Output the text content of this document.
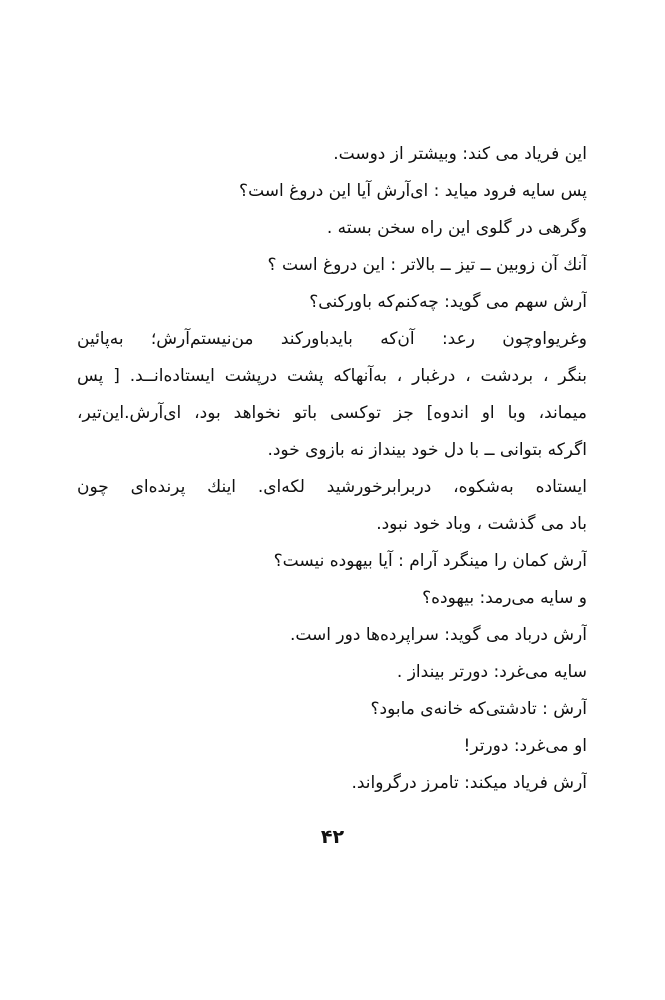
این فریاد می کند: وبیشتر از دوست.
پس سایه فرود میاید : ای‌آرش آیا این دروغ است؟
وگرهی در گلوی این راه سخن بسته .
آنك آن زوبین ــ تیز ــ بالاتر : این دروغ است ؟
آرش سهم می گوید: چه‌کنم‌که باورکنی؟
وغریواوچون رعد: آن‌که بایدباورکند من‌نیستم‌آرش؛ به‌پائین
بنگر ، بردشت ، درغبار ، به‌آنهاکه پشت درپشت ایستاده‌انــد. [ پس
میماند، وبا او اندوه] جز توکسی باتو نخواهد بود، ای‌آرش.این‌تیر،
اگرکه بتوانی ــ با دل خود بینداز نه بازوی خود.
ایستاده به‌شکوه، دربرابرخورشید لکه‌ای. اینك پرنده‌ای چون
باد می گذشت ، وباد خود نبود.
آرش کمان را مینگرد آرام : آیا بیهوده نیست؟
و سایه می‌رمد: بیهوده؟
آرش درباد می گوید: سراپرده‌ها دور است.
سایه می‌غرد: دورتر بینداز .
آرش : تادشتی‌که خانه‌ی مابود؟
او می‌غرد: دورتر!
آرش فریاد میکند: تامرز درگرواند.
۴۲
